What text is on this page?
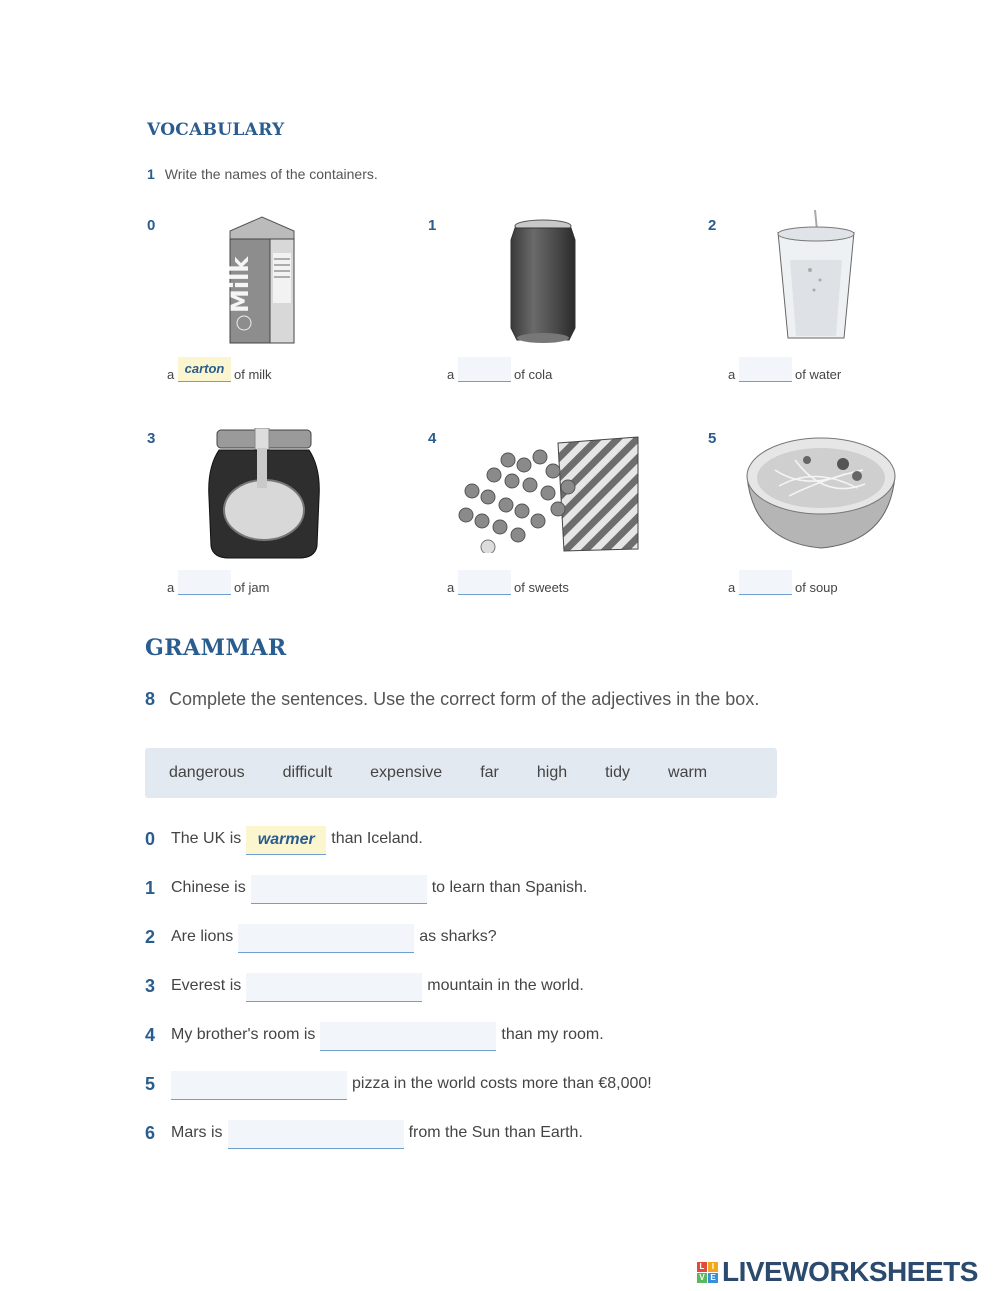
VOCABULARY
1 Write the names of the containers.
0	1	2
3	4	5
Milk
a carton of milk	a	of cola	a	of water
a	of jam	a	of sweets	a	of soup
GRAMMAR
8 Complete the sentences. Use the correct form of the adjectives in the box.
dangerous difficult expensive far high tidy warm
0 The UK is	warmer	than Iceland.
1 Chinese is	to learn than Spanish.
2 Are lions	as sharks?
3 Everest is	mountain in the world.
4 My brother's room is	than my room.
5	pizza in the world costs more than €8,000!
6 Mars is	from the Sun than Earth.
L I
V E LIVEWORKSHEETS
